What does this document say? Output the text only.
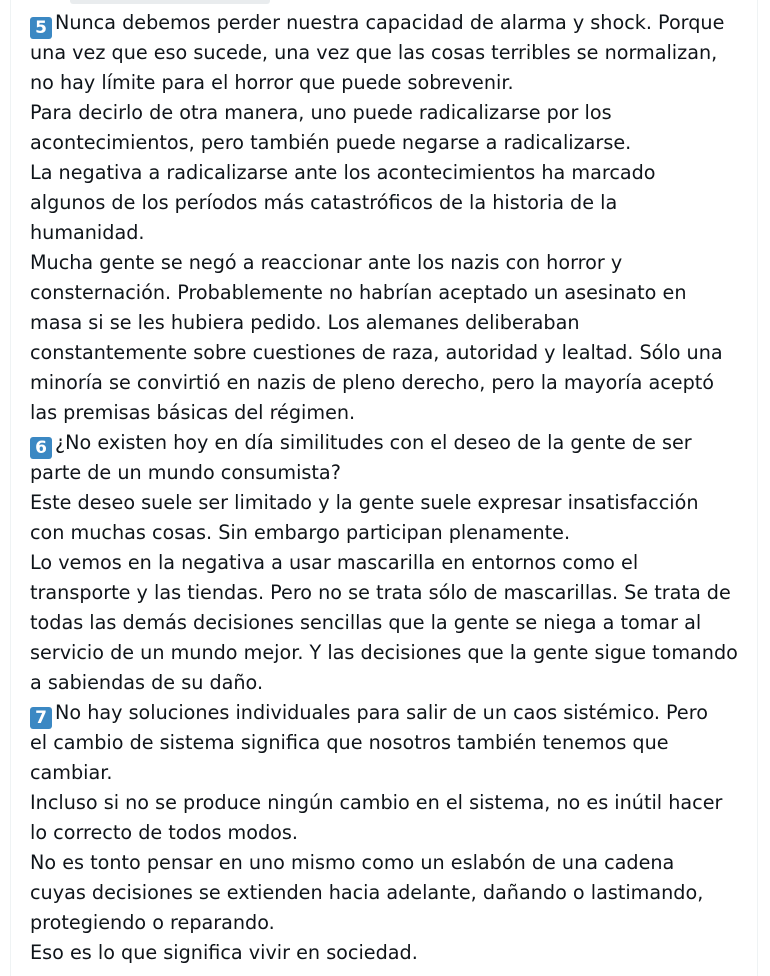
5 Nunca debemos perder nuestra capacidad de alarma y shock. Porque
una vez que eso sucede, una vez que las cosas terribles se normalizan,
no hay límite para el horror que puede sobrevenir.
Para decirlo de otra manera, uno puede radicalizarse por los
acontecimientos, pero también puede negarse a radicalizarse.
La negativa a radicalizarse ante los acontecimientos ha marcado
algunos de los períodos más catastróficos de la historia de la
humanidad.
Mucha gente se negó a reaccionar ante los nazis con horror y
consternación. Probablemente no habrían aceptado un asesinato en
masa si se les hubiera pedido. Los alemanes deliberaban
constantemente sobre cuestiones de raza, autoridad y lealtad. Sólo una
minoría se convirtió en nazis de pleno derecho, pero la mayoría aceptó
las premisas básicas del régimen.
6 ¿No existen hoy en día similitudes con el deseo de la gente de ser
parte de un mundo consumista?
Este deseo suele ser limitado y la gente suele expresar insatisfacción
con muchas cosas. Sin embargo participan plenamente.
Lo vemos en la negativa a usar mascarilla en entornos como el
transporte y las tiendas. Pero no se trata sólo de mascarillas. Se trata de
todas las demás decisiones sencillas que la gente se niega a tomar al
servicio de un mundo mejor. Y las decisiones que la gente sigue tomando
a sabiendas de su daño.
7 No hay soluciones individuales para salir de un caos sistémico. Pero
el cambio de sistema significa que nosotros también tenemos que
cambiar.
Incluso si no se produce ningún cambio en el sistema, no es inútil hacer
lo correcto de todos modos.
No es tonto pensar en uno mismo como un eslabón de una cadena
cuyas decisiones se extienden hacia adelante, dañando o lastimando,
protegiendo o reparando.
Eso es lo que significa vivir en sociedad.
